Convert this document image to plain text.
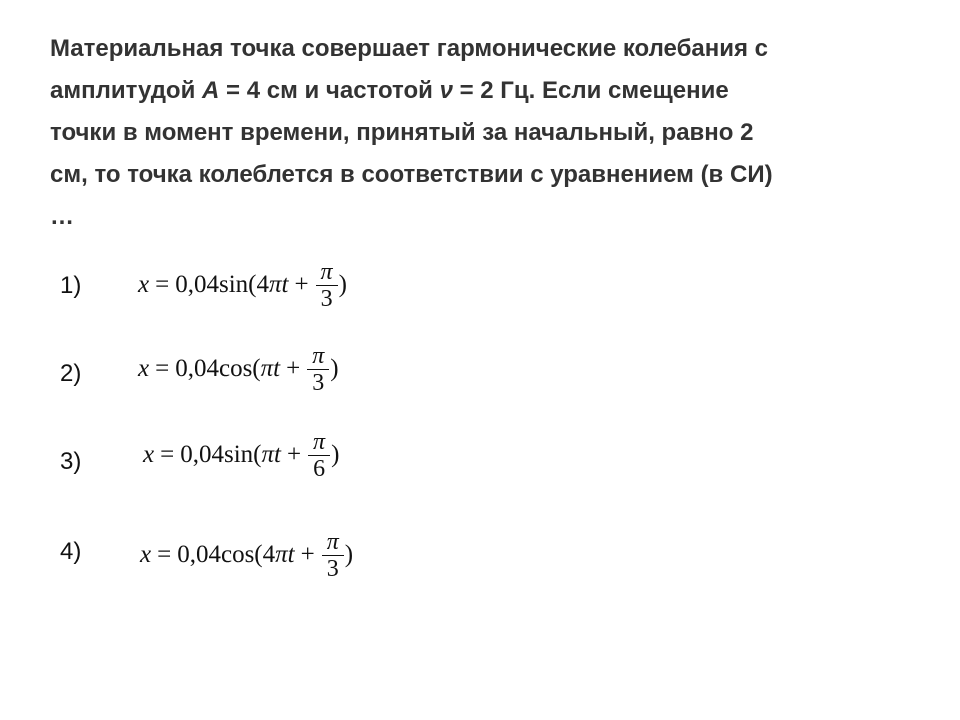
Материальная точка совершает гармонические колебания с
амплитудой A = 4 см и частотой ν = 2 Гц. Если смещение
точки в момент времени, принятый за начальный, равно 2
см, то точка колеблется в соответствии с уравнением (в СИ)
…
1) x = 0,04 sin( 4 $\pi t + \frac{\pi}{3}$ )
2) x = 0,04 cos( $\pi t + \frac{\pi}{3}$ )
3) x = 0,04 sin( $\pi t + \frac{\pi}{6}$ )
4) x = 0,04 cos( 4 $\pi t + \frac{\pi}{3}$ )
